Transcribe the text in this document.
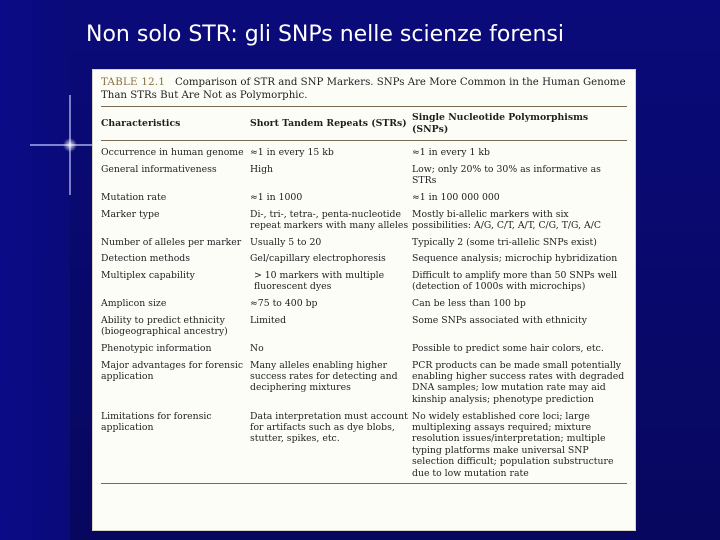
Non solo STR: gli SNPs nelle scienze forensi

TABLE 12.1 Comparison of STR and SNP Markers. SNPs Are More Common in the Human Genome Than STRs But Are Not as Polymorphic.

Characteristics	Short Tandem Repeats (STRs)	Single Nucleotide Polymorphisms (SNPs)
Occurrence in human genome	≈1 in every 15 kb	≈1 in every 1 kb
General informativeness	High	Low; only 20% to 30% as informative as STRs
Mutation rate	≈1 in 1000	≈1 in 100 000 000
Marker type	Di-, tri-, tetra-, penta-nucleotide repeat markers with many alleles	Mostly bi-allelic markers with six possibilities: A/G, C/T, A/T, C/G, T/G, A/C
Number of alleles per marker	Usually 5 to 20	Typically 2 (some tri-allelic SNPs exist)
Detection methods	Gel/capillary electrophoresis	Sequence analysis; microchip hybridization
Multiplex capability	> 10 markers with multiple fluorescent dyes	Difficult to amplify more than 50 SNPs well (detection of 1000s with microchips)
Amplicon size	≈75 to 400 bp	Can be less than 100 bp
Ability to predict ethnicity (biogeographical ancestry)	Limited	Some SNPs associated with ethnicity
Phenotypic information	No	Possible to predict some hair colors, etc.
Major advantages for forensic application	Many alleles enabling higher success rates for detecting and deciphering mixtures	PCR products can be made small potentially enabling higher success rates with degraded DNA samples; low mutation rate may aid kinship analysis; phenotype prediction
Limitations for forensic application	Data interpretation must account for artifacts such as dye blobs, stutter, spikes, etc.	No widely established core loci; large multiplexing assays required; mixture resolution issues/interpretation; multiple typing platforms make universal SNP selection difficult; population substructure due to low mutation rate
